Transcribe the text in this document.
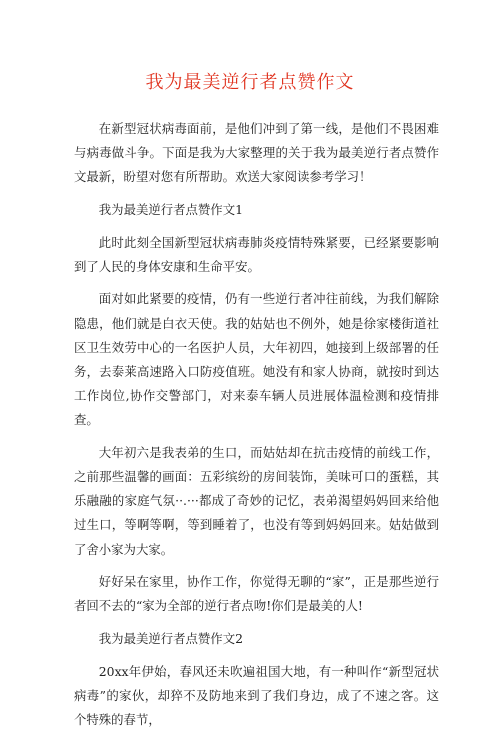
我为最美逆行者点赞作文

在新型冠状病毒面前，是他们冲到了第一线，是他们不畏困难与病毒做斗争。下面是我为大家整理的关于我为最美逆行者点赞作文最新，盼望对您有所帮助。欢送大家阅读参考学习！

我为最美逆行者点赞作文1

此时此刻全国新型冠状病毒肺炎疫情特殊紧要，已经紧要影响到了人民的身体安康和生命平安。

面对如此紧要的疫情，仍有一些逆行者冲往前线，为我们解除隐患，他们就是白衣天使。我的姑姑也不例外，她是徐家楼街道社区卫生效劳中心的一名医护人员，大年初四，她接到上级部署的任务，去泰莱高速路入口防疫值班。她没有和家人协商，就按时到达工作岗位,协作交警部门，对来泰车辆人员进展体温检测和疫情排查。

大年初六是我表弟的生口，而姑姑却在抗击疫情的前线工作，之前那些温馨的画面：五彩缤纷的房间装饰，美味可口的蛋糕，其乐融融的家庭气氛··.···都成了奇妙的记忆，表弟渴望妈妈回来给他过生口，等啊等啊，等到睡着了，也没有等到妈妈回来。姑姑做到了舍小家为大家。

好好呆在家里，协作工作，你觉得无聊的“家”，正是那些逆行者回不去的“家为全部的逆行者点吻!你们是最美的人!

我为最美逆行者点赞作文2

20xx年伊始，春风还未吹遍祖国大地，有一种叫作“新型冠状病毒”的家伙，却猝不及防地来到了我们身边，成了不速之客。这个特殊的春节，
